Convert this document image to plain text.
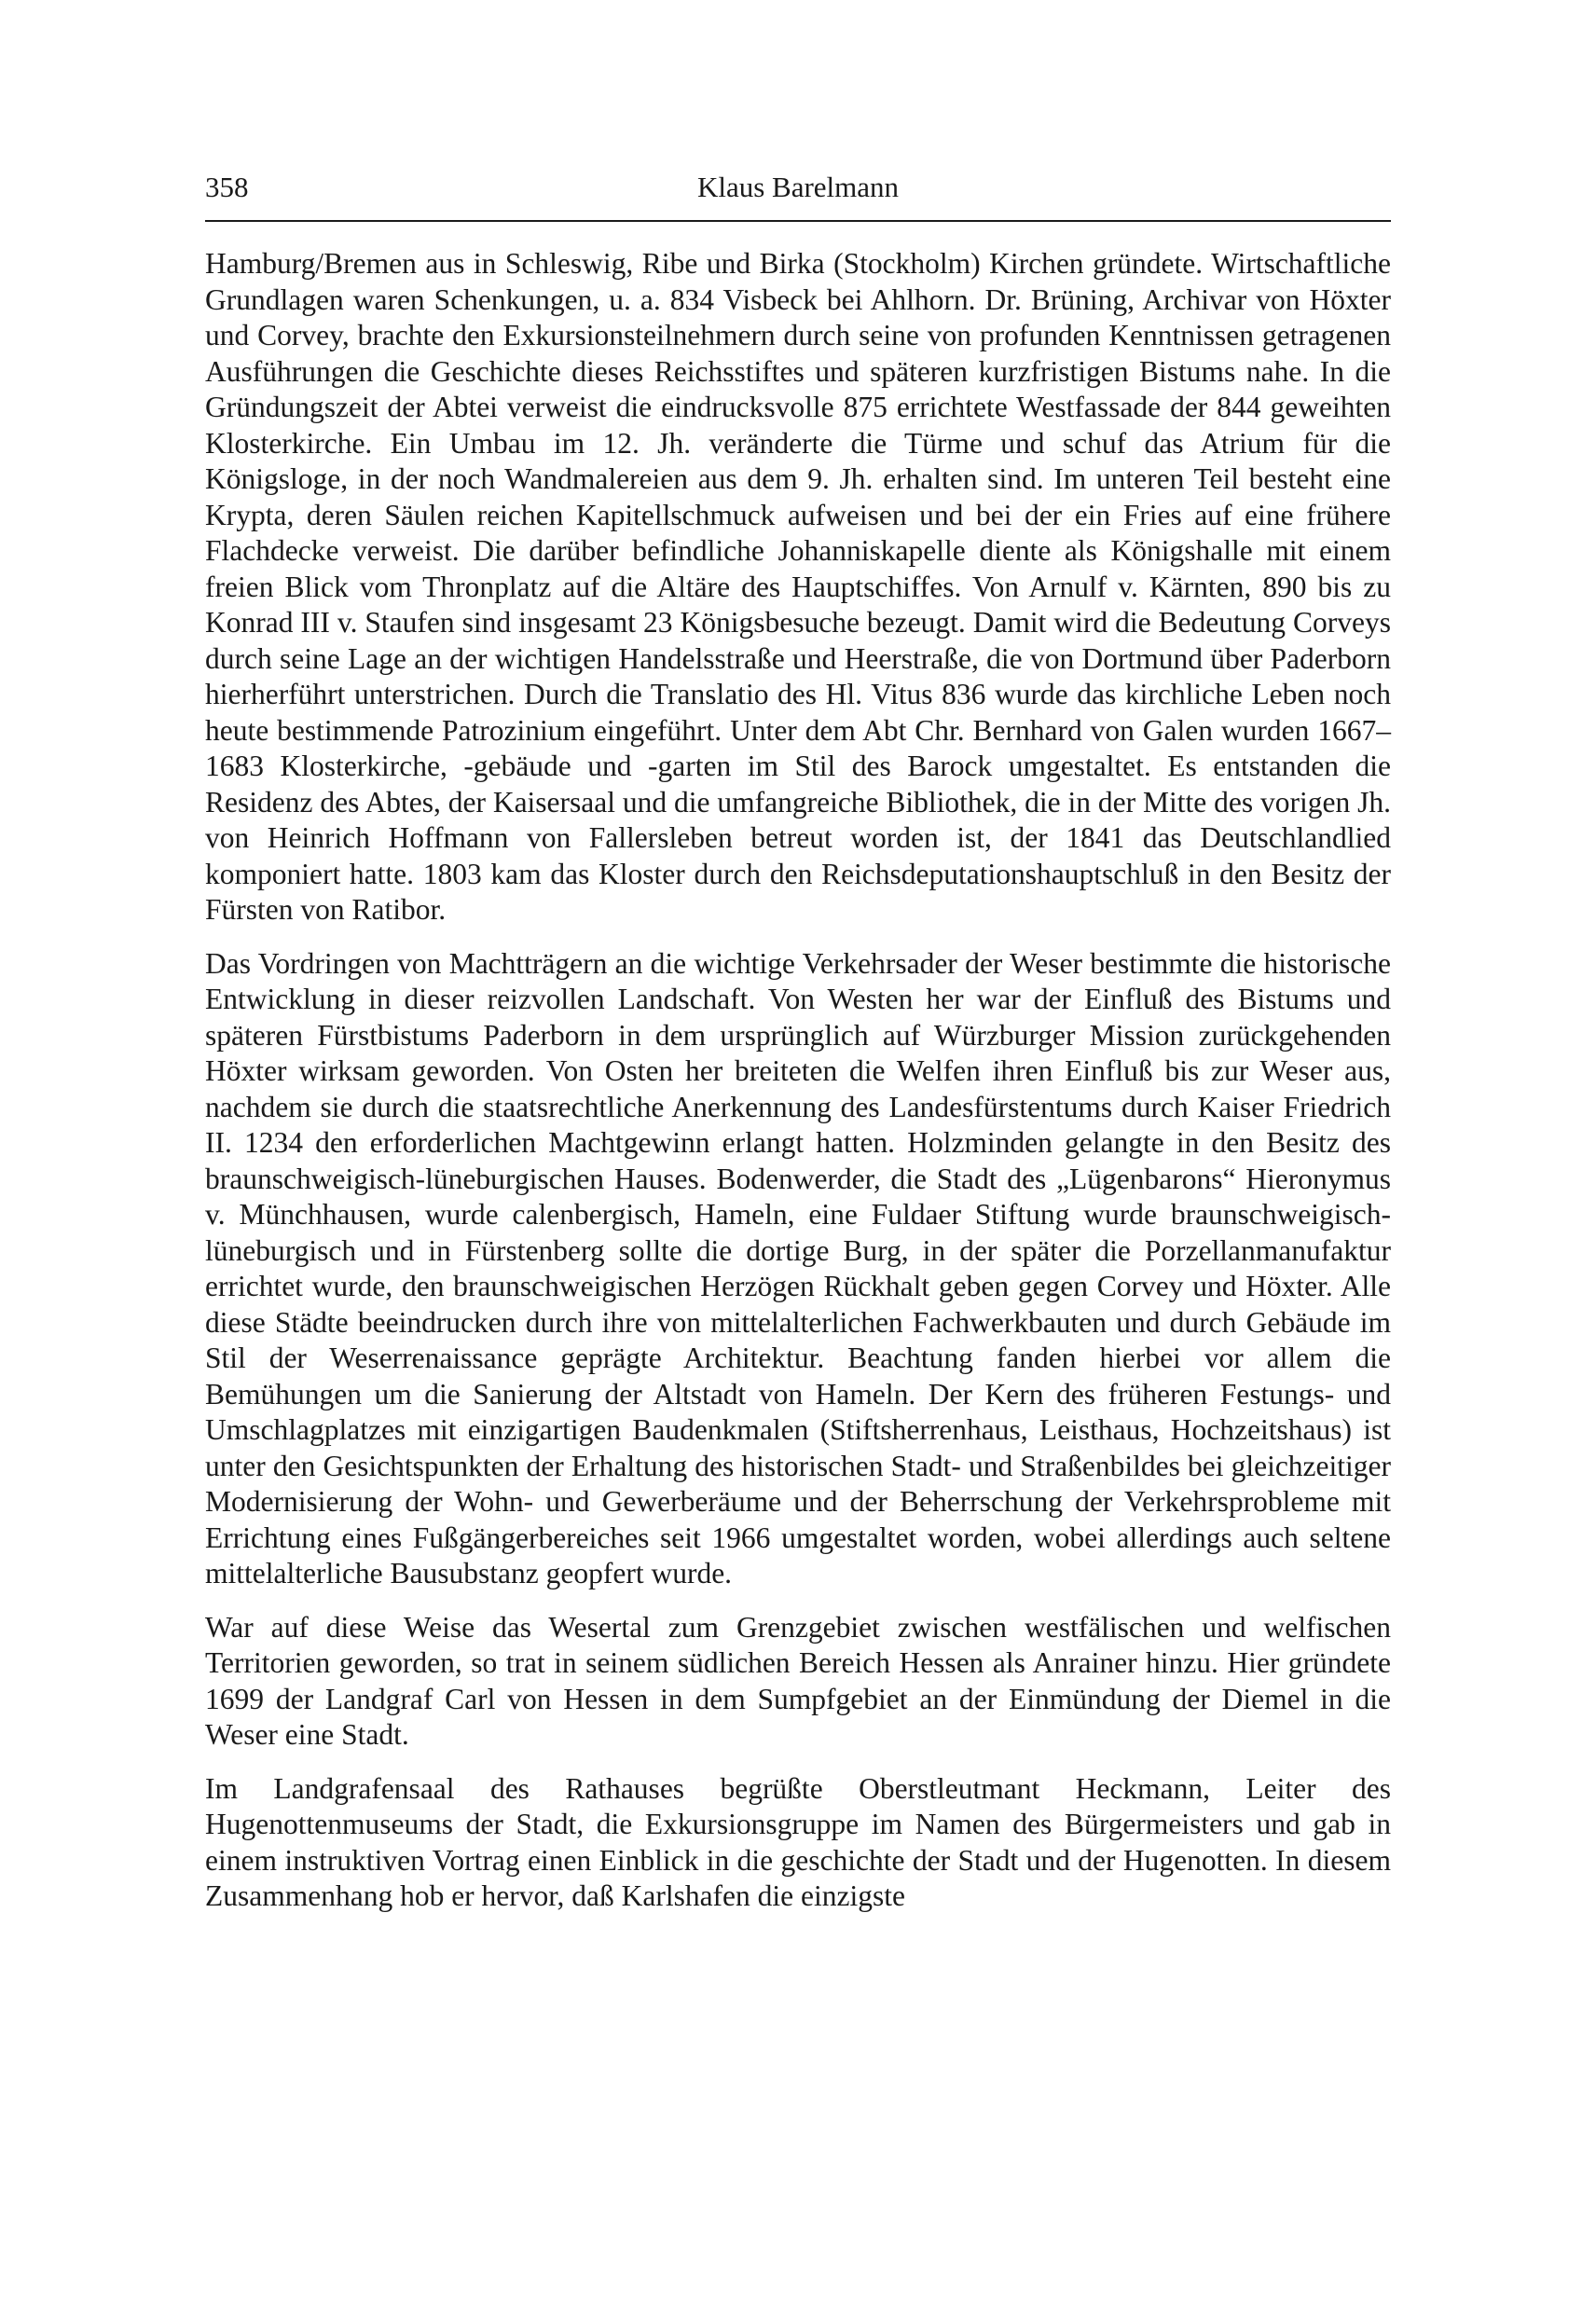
358	Klaus Barelmann

Hamburg/Bremen aus in Schleswig, Ribe und Birka (Stockholm) Kirchen gründete. Wirtschaftliche Grundlagen waren Schenkungen, u. a. 834 Visbeck bei Ahlhorn. Dr. Brüning, Archivar von Höxter und Corvey, brachte den Exkursionsteilnehmern durch seine von profunden Kenntnissen getragenen Ausführungen die Geschichte dieses Reichsstiftes und späteren kurzfristigen Bistums nahe. In die Gründungszeit der Abtei verweist die eindrucksvolle 875 errichtete Westfassade der 844 geweihten Klosterkirche. Ein Umbau im 12. Jh. veränderte die Türme und schuf das Atrium für die Königsloge, in der noch Wandmalereien aus dem 9. Jh. erhalten sind. Im unteren Teil besteht eine Krypta, deren Säulen reichen Kapitellschmuck aufweisen und bei der ein Fries auf eine frühere Flachdecke verweist. Die darüber befindliche Johanniskapelle diente als Königshalle mit einem freien Blick vom Thronplatz auf die Altäre des Hauptschiffes. Von Arnulf v. Kärnten, 890 bis zu Konrad III v. Staufen sind insgesamt 23 Königsbesuche bezeugt. Damit wird die Bedeutung Corveys durch seine Lage an der wichtigen Handelsstraße und Heerstraße, die von Dortmund über Paderborn hierherführt unterstrichen. Durch die Translatio des Hl. Vitus 836 wurde das kirchliche Leben noch heute bestimmende Patrozinium eingeführt. Unter dem Abt Chr. Bernhard von Galen wurden 1667–1683 Klosterkirche, -gebäude und -garten im Stil des Barock umgestaltet. Es entstanden die Residenz des Abtes, der Kaisersaal und die umfangreiche Bibliothek, die in der Mitte des vorigen Jh. von Heinrich Hoffmann von Fallersleben betreut worden ist, der 1841 das Deutschlandlied komponiert hatte. 1803 kam das Kloster durch den Reichsdeputationshauptschluß in den Besitz der Fürsten von Ratibor.

Das Vordringen von Machtträgern an die wichtige Verkehrsader der Weser bestimmte die historische Entwicklung in dieser reizvollen Landschaft. Von Westen her war der Einfluß des Bistums und späteren Fürstbistums Paderborn in dem ursprünglich auf Würzburger Mission zurückgehenden Höxter wirksam geworden. Von Osten her breiteten die Welfen ihren Einfluß bis zur Weser aus, nachdem sie durch die staatsrechtliche Anerkennung des Landesfürstentums durch Kaiser Friedrich II. 1234 den erforderlichen Machtgewinn erlangt hatten. Holzminden gelangte in den Besitz des braunschweigisch-lüneburgischen Hauses. Bodenwerder, die Stadt des „Lügenbarons“ Hieronymus v. Münchhausen, wurde calenbergisch, Hameln, eine Fuldaer Stiftung wurde braunschweigisch-lüneburgisch und in Fürstenberg sollte die dortige Burg, in der später die Porzellanmanufaktur errichtet wurde, den braunschweigischen Herzögen Rückhalt geben gegen Corvey und Höxter. Alle diese Städte beeindrucken durch ihre von mittelalterlichen Fachwerkbauten und durch Gebäude im Stil der Weserrenaissance geprägte Architektur. Beachtung fanden hierbei vor allem die Bemühungen um die Sanierung der Altstadt von Hameln. Der Kern des früheren Festungs- und Umschlagplatzes mit einzigartigen Baudenkmalen (Stiftsherrenhaus, Leisthaus, Hochzeitshaus) ist unter den Gesichtspunkten der Erhaltung des historischen Stadt- und Straßenbildes bei gleichzeitiger Modernisierung der Wohn- und Gewerberäume und der Beherrschung der Verkehrsprobleme mit Errichtung eines Fußgängerbereiches seit 1966 umgestaltet worden, wobei allerdings auch seltene mittelalterliche Bausubstanz geopfert wurde.

War auf diese Weise das Wesertal zum Grenzgebiet zwischen westfälischen und welfischen Territorien geworden, so trat in seinem südlichen Bereich Hessen als Anrainer hinzu. Hier gründete 1699 der Landgraf Carl von Hessen in dem Sumpfgebiet an der Einmündung der Diemel in die Weser eine Stadt.

Im Landgrafensaal des Rathauses begrüßte Oberstleutmant Heckmann, Leiter des Hugenottenmuseums der Stadt, die Exkursionsgruppe im Namen des Bürgermeisters und gab in einem instruktiven Vortrag einen Einblick in die geschichte der Stadt und der Hugenotten. In diesem Zusammenhang hob er hervor, daß Karlshafen die einzigste
